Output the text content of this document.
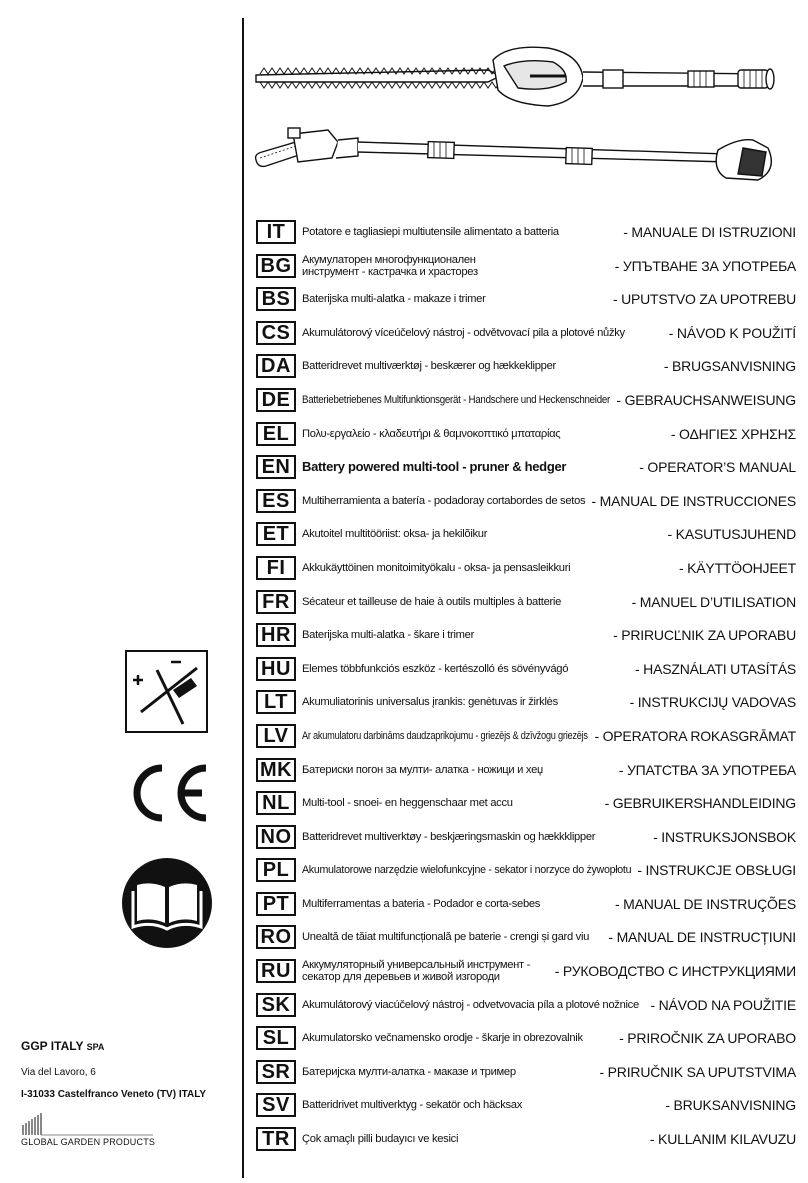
IT	Potatore e tagliasiepi multiutensile alimentato a batteria	- MANUALE DI ISTRUZIONI
BG Акумулаторен многофункционален
инструмент - кастрачка и храсторез	- УПЪТВАНЕ ЗА УПОТРЕБА
BS	Baterijska multi-alatka - makaze i trimer	- UPUTSTVO ZA UPOTREBU
CS	Akumulátorový víceúčelový nástroj - odvětvovací pila a plotové nůžky	- NÁVOD K POUŽITÍ
DA Batteridrevet multiværktøj - beskærer og hækkeklipper	- BRUGSANVISNING
DE	Batteriebetriebenes Multifunktionsgerät - Handschere und Heckenschneider - GEBRAUCHSANWEISUNG
EL	Πολυ-εργαλείο - κλαδευτήρι & θαμνοκοπτικό μπαταρίας	- ΟΔΗΓΙΕΣ ΧΡΗΣΗΣ
EN Battery powered multi-tool - pruner & hedger	- OPERATOR’S MANUAL
ES	Multiherramienta a batería - podadoray cortabordes de setos - MANUAL DE INSTRUCCIONES
ET	Akutoitel multitööriist: oksa- ja hekilõikur	- KASUTUSJUHEND
FI	Akkukäyttöinen monitoimityökalu - oksa- ja pensasleikkuri	- KÄYTTÖOHJEET
FR	Sécateur et tailleuse de haie à outils multiples à batterie	- MANUEL D’UTILISATION
HR Baterijska multi-alatka - škare i trimer	- PRIRUCĽNIK ZA UPORABU
HU Elemes többfunkciós eszköz - kertészolló és sövényvágó	- HASZNÁLATI UTASÍTÁS
LT	Akumuliatorinis universalus įrankis: genėtuvas ir žirklės	- INSTRUKCIJŲ VADOVAS
LV	Ar akumulatoru darbināms daudzaprikojumu - griezējs & dzīvžogu griezējs - OPERATORA ROKASGRĀMAT
MK Батериски погон за мулти- алатка - ножици и хеџ	- УПАТСТВА ЗА УПОТРЕБА
NL	Multi-tool - snoei- en heggenschaar met accu	- GEBRUIKERSHANDLEIDING
NO Batteridrevet multiverktøy - beskjæringsmaskin og hækkklipper	- INSTRUKSJONSBOK
PL	Akumulatorowe narzędzie wielofunkcyjne - sekator i norzyce do żywopłotu - INSTRUKCJE OBSŁUGI
PT	Multiferramentas a bateria - Podador e corta-sebes	- MANUAL DE INSTRUÇÕES
RO Unealtă de tăiat multifuncțională pe baterie - crengi și gard viu - MANUAL DE INSTRUCȚIUNI
RU Аккумуляторный универсальный инструмент -
секатор для деревьев и живой изгороди	- РУКОВОДСТВО С ИНСТРУКЦИЯМИ
SK	Akumulátorový viacúčelový nástroj - odvetvovacia píla a plotové nožnice - NÁVOD NA POUŽITIE
SL	Akumulatorsko večnamensko orodje - škarje in obrezovalnik	- PRIROČNIK ZA UPORABO
SR	Батеријска мулти-алатка - маказе и тример	- PRIRUČNIK SA UPUTSTVIMA
SV	Batteridrivet multiverktyg - sekatör och häcksax	- BRUKSANVISNING
TR	Çok amaçlı pilli budayıcı ve kesici	- KULLANIM KILAVUZU
GGP ITALY SPA
Via del Lavoro, 6
I-31033 Castelfranco Veneto (TV) ITALY
GLOBAL GARDEN PRODUCTS
